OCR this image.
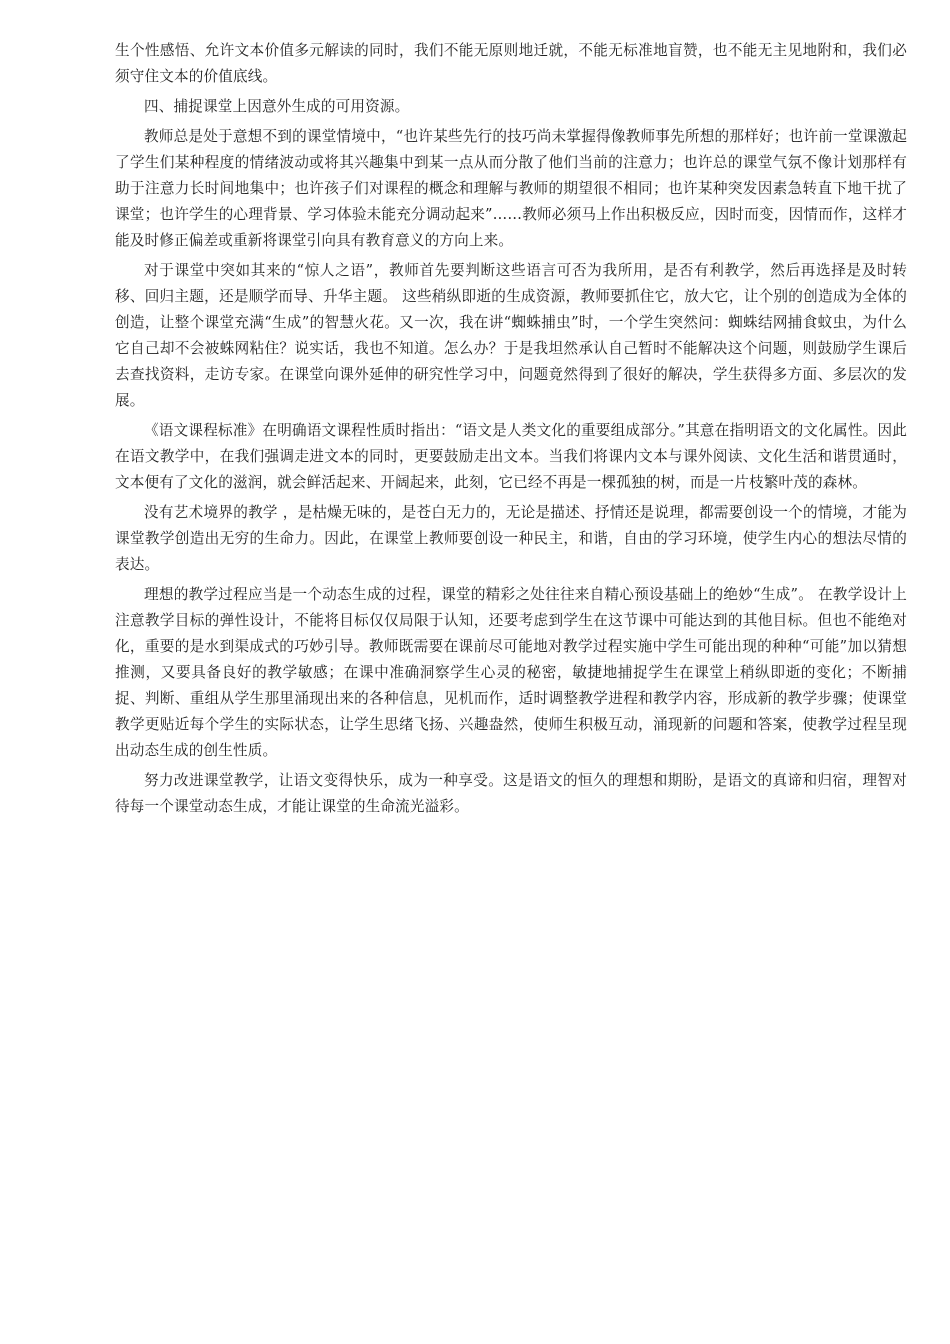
生个性感悟、允许文本价值多元解读的同时，我们不能无原则地迁就，不能无标准地盲赞，也不能无主见地附和，我们必须守住文本的价值底线。

四、捕捉课堂上因意外生成的可用资源。

教师总是处于意想不到的课堂情境中，“也许某些先行的技巧尚未掌握得像教师事先所想的那样好；也许前一堂课激起了学生们某种程度的情绪波动或将其兴趣集中到某一点从而分散了他们当前的注意力；也许总的课堂气氛不像计划那样有助于注意力长时间地集中；也许孩子们对课程的概念和理解与教师的期望很不相同；也许某种突发因素急转直下地干扰了课堂；也许学生的心理背景、学习体验未能充分调动起来”……教师必须马上作出积极反应，因时而变，因情而作，这样才能及时修正偏差或重新将课堂引向具有教育意义的方向上来。

对于课堂中突如其来的“惊人之语”，教师首先要判断这些语言可否为我所用，是否有利教学，然后再选择是及时转移、回归主题，还是顺学而导、升华主题。 这些稍纵即逝的生成资源，教师要抓住它，放大它，让个别的创造成为全体的创造，让整个课堂充满“生成”的智慧火花。又一次，我在讲“蜘蛛捕虫”时，一个学生突然问：蜘蛛结网捕食蚊虫，为什么它自己却不会被蛛网粘住？说实话，我也不知道。怎么办？于是我坦然承认自己暂时不能解决这个问题，则鼓励学生课后去查找资料，走访专家。在课堂向课外延伸的研究性学习中，问题竟然得到了很好的解决，学生获得多方面、多层次的发展。

《语文课程标准》在明确语文课程性质时指出：“语文是人类文化的重要组成部分。”其意在指明语文的文化属性。因此在语文教学中，在我们强调走进文本的同时，更要鼓励走出文本。当我们将课内文本与课外阅读、文化生活和谐贯通时，文本便有了文化的滋润，就会鲜活起来、开阔起来，此刻，它已经不再是一棵孤独的树，而是一片枝繁叶茂的森林。

没有艺术境界的教学 ，是枯燥无味的，是苍白无力的，无论是描述、抒情还是说理，都需要创设一个的情境，才能为课堂教学创造出无穷的生命力。因此，在课堂上教师要创设一种民主，和谐，自由的学习环境，使学生内心的想法尽情的表达。

理想的教学过程应当是一个动态生成的过程，课堂的精彩之处往往来自精心预设基础上的绝妙“生成”。 在教学设计上注意教学目标的弹性设计，不能将目标仅仅局限于认知，还要考虑到学生在这节课中可能达到的其他目标。但也不能绝对化，重要的是水到渠成式的巧妙引导。教师既需要在课前尽可能地对教学过程实施中学生可能出现的种种“可能”加以猜想推测，又要具备良好的教学敏感；在课中准确洞察学生心灵的秘密，敏捷地捕捉学生在课堂上稍纵即逝的变化；不断捕捉、判断、重组从学生那里涌现出来的各种信息，见机而作，适时调整教学进程和教学内容，形成新的教学步骤；使课堂教学更贴近每个学生的实际状态，让学生思绪飞扬、兴趣盎然，使师生积极互动，涌现新的问题和答案，使教学过程呈现出动态生成的创生性质。

努力改进课堂教学，让语文变得快乐，成为一种享受。这是语文的恒久的理想和期盼，是语文的真谛和归宿，理智对待每一个课堂动态生成，才能让课堂的生命流光溢彩。
